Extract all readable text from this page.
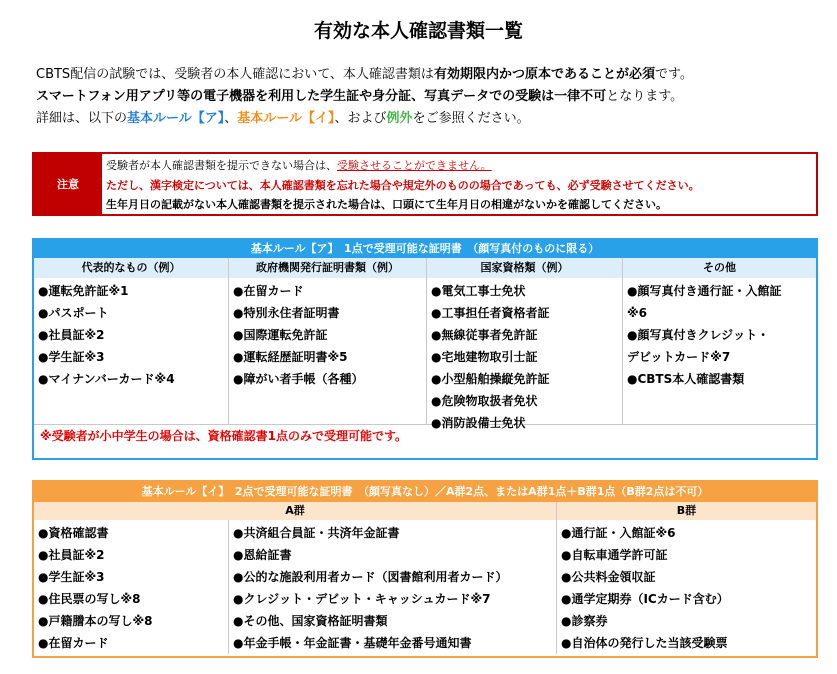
有効な本人確認書類一覧
CBTS配信の試験では、受験者の本人確認において、本人確認書類は有効期限内かつ原本であることが必須です。
スマートフォン用アプリ等の電子機器を利用した学生証や身分証、写真データでの受験は一律不可となります。
詳細は、以下の基本ルール【ア】、基本ルール【イ】、および例外をご参照ください。
注意
受験者が本人確認書類を提示できない場合は、受験させることができません。
ただし、漢字検定については、本人確認書類を忘れた場合や規定外のものの場合であっても、必ず受験させてください。
生年月日の記載がない本人確認書類を提示された場合は、口頭にて生年月日の相違がないかを確認してください。
基本ルール【ア】　1点で受理可能な証明書　（顔写真付のものに限る）
代表的なもの（例）
●運転免許証※1
●パスポート
●社員証※2
●学生証※3
●マイナンバーカード※4
政府機関発行証明書類（例）
●在留カード
●特別永住者証明書
●国際運転免許証
●運転経歴証明書※5
●障がい者手帳（各種）
国家資格類（例）
●電気工事士免状
●工事担任者資格者証
●無線従事者免許証
●宅地建物取引士証
●小型船舶操縦免許証
●危険物取扱者免状
●消防設備士免状
その他
●顔写真付き通行証・入館証
※6
●顔写真付きクレジット・
デビットカード※7
●CBTS本人確認書類
※受験者が小中学生の場合は、資格確認書1点のみで受理可能です。
基本ルール【イ】　2点で受理可能な証明書　（顔写真なし）／A群2点、またはA群1点＋B群1点（B群2点は不可）
A群
●資格確認書
●社員証※2
●学生証※3
●住民票の写し※8
●戸籍謄本の写し※8
●在留カード
●共済組合員証・共済年金証書
●恩給証書
●公的な施設利用者カード（図書館利用者カード）
●クレジット・デビット・キャッシュカード※7
●その他、国家資格証明書類
●年金手帳・年金証書・基礎年金番号通知書
B群
●通行証・入館証※6
●自転車通学許可証
●公共料金領収証
●通学定期券（ICカード含む）
●診察券
●自治体の発行した当該受験票
